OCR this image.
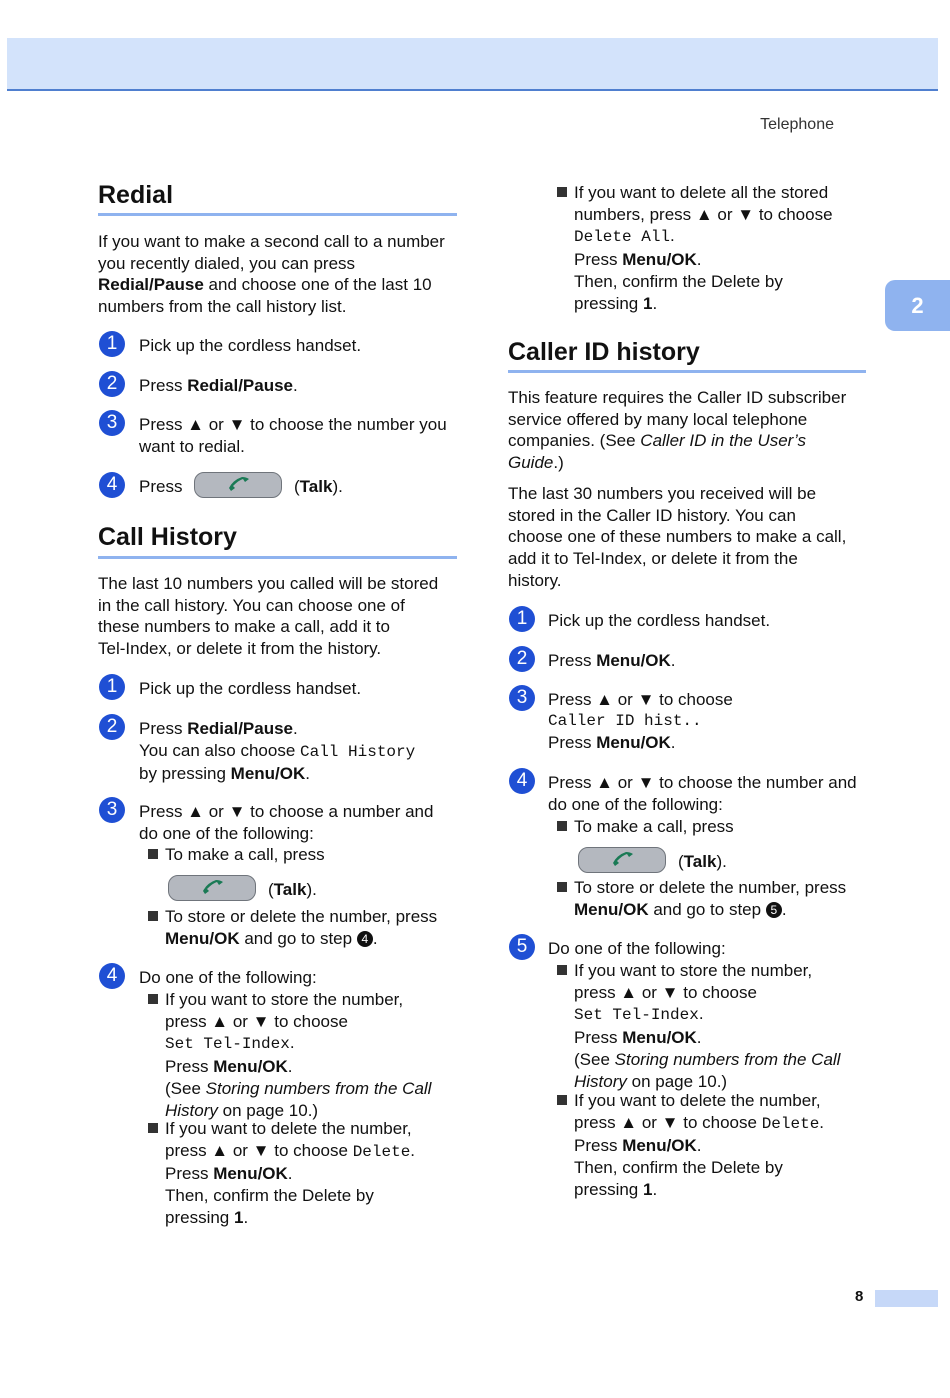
Telephone
2
8
Redial
If you want to make a second call to a number
you recently dialed, you can press
Redial/Pause and choose one of the last 10
numbers from the call history list.
1	Pick up the cordless handset.
2	Press Redial/Pause.
3	Press ▲ or ▼ to choose the number you
want to redial.
4	Press	(Talk).
Call History
The last 10 numbers you called will be stored
in the call history. You can choose one of
these numbers to make a call, add it to
Tel-Index, or delete it from the history.
1	Pick up the cordless handset.
2	Press Redial/Pause.
You can also choose Call History
by pressing Menu/OK.
3	Press ▲ or ▼ to choose a number and
do one of the following:
To make a call, press
(Talk).
To store or delete the number, press
Menu/OK and go to step 4 .
4	Do one of the following:
If you want to store the number,
press ▲ or ▼ to choose
Set Tel-Index.
Press Menu/OK.
(See Storing numbers from the Call
History on page 10.)
If you want to delete the number,
press ▲ or ▼ to choose Delete.
Press Menu/OK.
Then, confirm the Delete by
pressing 1.
If you want to delete all the stored
numbers, press ▲ or ▼ to choose
Delete All.
Press Menu/OK.
Then, confirm the Delete by
pressing 1.
Caller ID history
This feature requires the Caller ID subscriber
service offered by many local telephone
companies. (See Caller ID in the User’s
Guide.)
The last 30 numbers you received will be
stored in the Caller ID history. You can
choose one of these numbers to make a call,
add it to Tel-Index, or delete it from the
history.
1	Pick up the cordless handset.
2	Press Menu/OK.
3	Press ▲ or ▼ to choose
Caller ID hist..
Press Menu/OK.
4	Press ▲ or ▼ to choose the number and
do one of the following:
To make a call, press
(Talk).
To store or delete the number, press
Menu/OK and go to step 5 .
5	Do one of the following:
If you want to store the number,
press ▲ or ▼ to choose
Set Tel-Index.
Press Menu/OK.
(See Storing numbers from the Call
History on page 10.)
If you want to delete the number,
press ▲ or ▼ to choose Delete.
Press Menu/OK.
Then, confirm the Delete by
pressing 1.
